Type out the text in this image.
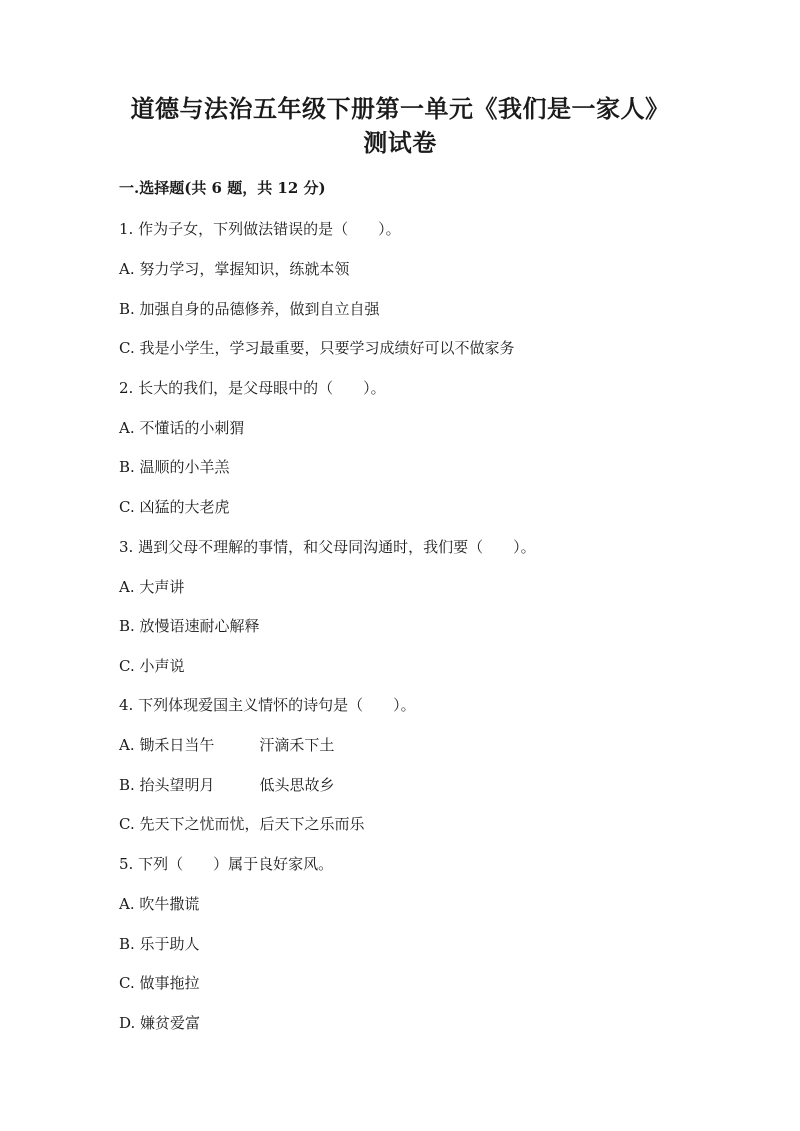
道德与法治五年级下册第一单元《我们是一家人》
测试卷
一.选择题(共 6 题，共 12 分)
1. 作为子女，下列做法错误的是（　　）。
A. 努力学习，掌握知识，练就本领
B. 加强自身的品德修养，做到自立自强
C. 我是小学生，学习最重要，只要学习成绩好可以不做家务
2. 长大的我们，是父母眼中的（　　）。
A. 不懂话的小刺猬
B. 温顺的小羊羔
C. 凶猛的大老虎
3. 遇到父母不理解的事情，和父母同沟通时，我们要（　　）。
A. 大声讲
B. 放慢语速耐心解释
C. 小声说
4. 下列体现爱国主义情怀的诗句是（　　）。
A. 锄禾日当午　　　汗滴禾下土
B. 抬头望明月　　　低头思故乡
C. 先天下之忧而忧，后天下之乐而乐
5. 下列（　　）属于良好家风。
A. 吹牛撒谎
B. 乐于助人
C. 做事拖拉
D. 嫌贫爱富
